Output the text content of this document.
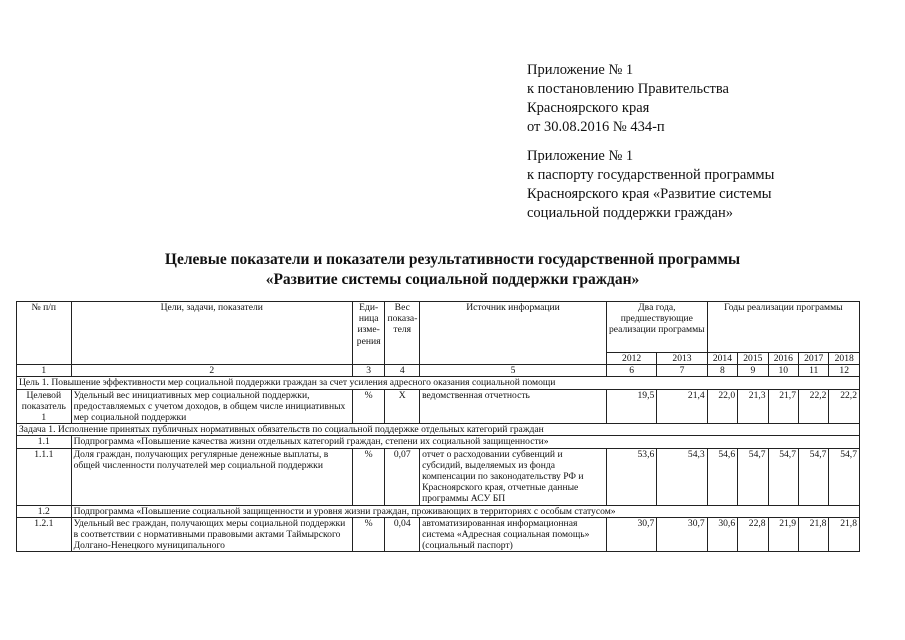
Приложение № 1
к постановлению Правительства
Красноярского края
от 30.08.2016 № 434-п
Приложение № 1
к паспорту государственной программы
Красноярского края «Развитие системы
социальной поддержки граждан»
Целевые показатели и показатели результативности государственной программы
«Развитие системы социальной поддержки граждан»
№ п/п	Цели, задачи, показатели	Еди-ница изме-рения	Вес показа-теля	Источник информации	Два года, предшествующие реализации программы		Годы реализации программы				
					2012	2013	2014	2015	2016	2017	2018
1	2	3	4	5	6	7	8	9	10	11	12
Цель 1. Повышение эффективности мер социальной поддержки граждан за счет усиления адресного оказания социальной помощи											
Целевой показатель 1	Удельный вес инициативных мер социальной поддержки, предоставляемых с учетом доходов, в общем числе инициативных мер социальной поддержки	%	X	ведомственная отчетность	19,5	21,4	22,0	21,3	21,7	22,2	22,2
Задача 1. Исполнение принятых публичных нормативных обязательств по социальной поддержке отдельных категорий граждан											
1.1	Подпрограмма «Повышение качества жизни отдельных категорий граждан, степени их социальной защищенности»										
1.1.1	Доля граждан, получающих регулярные денежные выплаты, в общей численности получателей мер социальной поддержки	%	0,07	отчет о расходовании субвенций и субсидий, выделяемых из фонда компенсации по законодательству РФ и Красноярского края, отчетные данные программы АСУ БП	53,6	54,3	54,6	54,7	54,7	54,7	54,7
1.2	Подпрограмма «Повышение социальной защищенности и уровня жизни граждан, проживающих в территориях с особым статусом»										
1.2.1	Удельный вес граждан, получающих меры социальной поддержки в соответствии с нормативными правовыми актами Таймырского Долгано-Ненецкого муниципального	%	0,04	автоматизированная информационная система «Адресная социальная помощь» (социальный паспорт)	30,7	30,7	30,6	22,8	21,9	21,8	21,8
